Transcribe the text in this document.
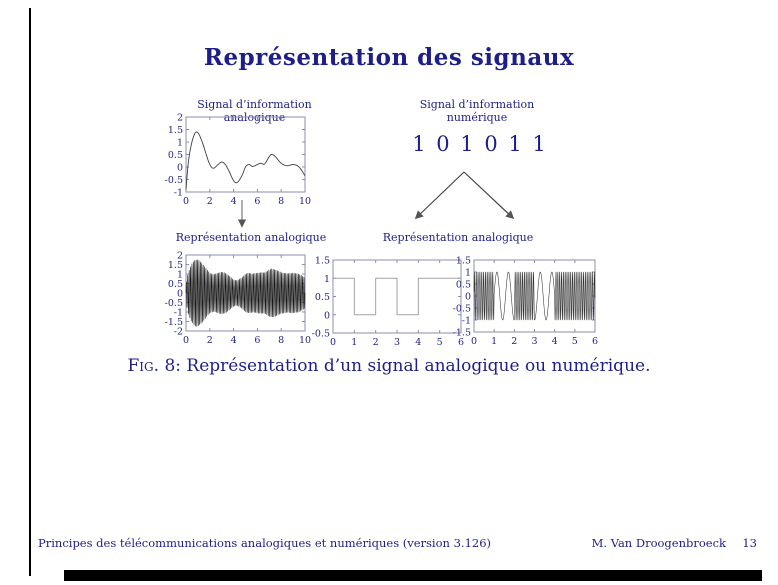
Représentation des signaux
Signal d’information analogique
Signal d’information numérique
1 0 1 0 1 1
0 2 4 6 8 10
2
1.5
1
0.5
0
-0.5
-1
Représentation analogique	Représentation analogique
0 2 4 6 8 10
2
1.5
1
0.5
0
-0.5
-1
-1.5
-2
0 1 2 3 4 5 6
1.5
1
0.5
0
-0.5
0 1 2 3 4 5 6
1.5
1
0.5
0
-0.5
-1
-1.5
Fig. 8: Représentation d’un signal analogique ou numérique.
Principes des télécommunications analogiques et numériques (version 3.126)	M. Van Droogenbroeck 13
